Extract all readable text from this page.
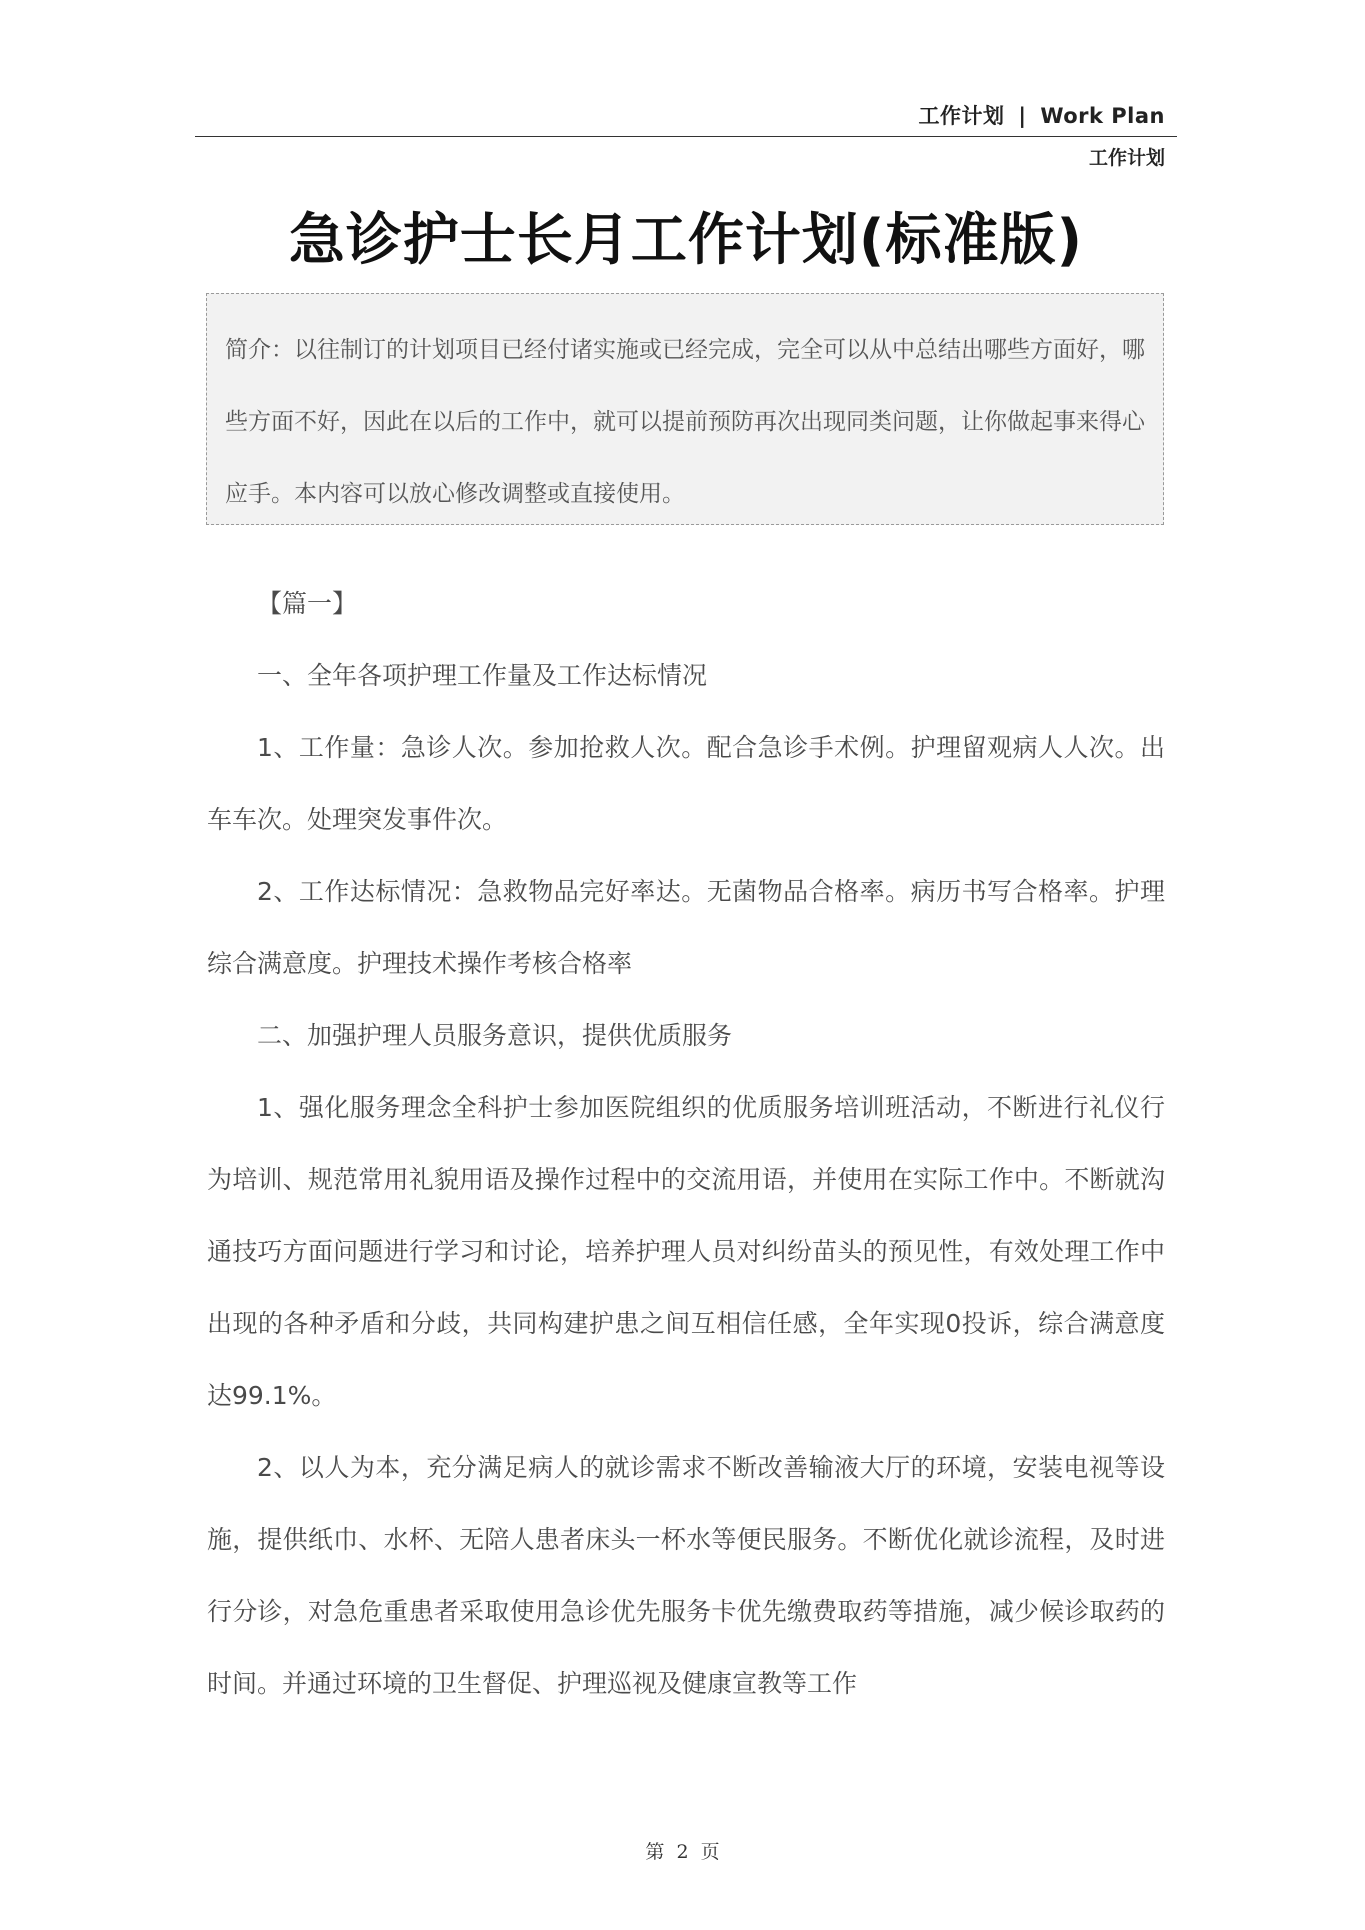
工作计划 | Work Plan
工作计划
急诊护士长月工作计划(标准版)
简介：以往制订的计划项目已经付诸实施或已经完成，完全可以从中总结出哪些方面好，哪些方面不好，因此在以后的工作中，就可以提前预防再次出现同类问题，让你做起事来得心应手。本内容可以放心修改调整或直接使用。

【篇一】

一、全年各项护理工作量及工作达标情况

1、工作量：急诊人次。参加抢救人次。配合急诊手术例。护理留观病人人次。出车车次。处理突发事件次。

2、工作达标情况：急救物品完好率达。无菌物品合格率。病历书写合格率。护理综合满意度。护理技术操作考核合格率

二、加强护理人员服务意识，提供优质服务

1、强化服务理念全科护士参加医院组织的优质服务培训班活动，不断进行礼仪行为培训、规范常用礼貌用语及操作过程中的交流用语，并使用在实际工作中。不断就沟通技巧方面问题进行学习和讨论，培养护理人员对纠纷苗头的预见性，有效处理工作中出现的各种矛盾和分歧，共同构建护患之间互相信任感，全年实现0投诉，综合满意度达99.1%。

2、以人为本，充分满足病人的就诊需求不断改善输液大厅的环境，安装电视等设施，提供纸巾、水杯、无陪人患者床头一杯水等便民服务。不断优化就诊流程，及时进行分诊，对急危重患者采取使用急诊优先服务卡优先缴费取药等措施，减少候诊取药的时间。并通过环境的卫生督促、护理巡视及健康宣教等工作

第 2 页
